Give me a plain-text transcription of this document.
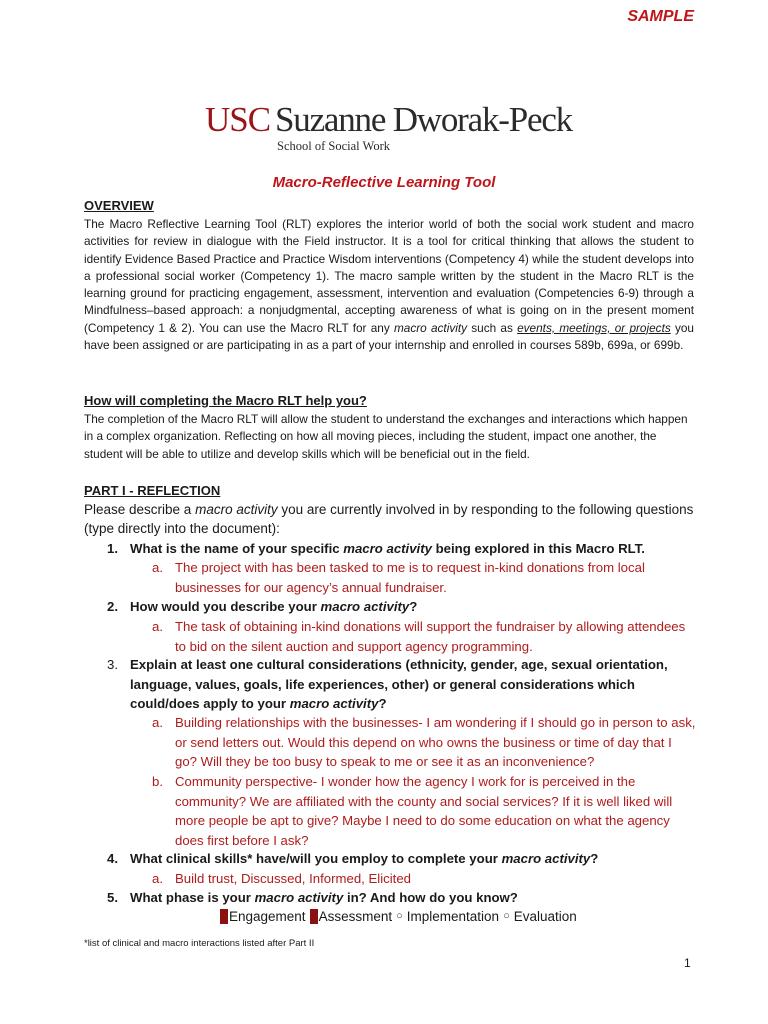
SAMPLE
USC Suzanne Dworak-Peck
School of Social Work
Macro-Reflective Learning Tool
OVERVIEW
The Macro Reflective Learning Tool (RLT) explores the interior world of both the social work student and macro activities for review in dialogue with the Field instructor. It is a tool for critical thinking that allows the student to identify Evidence Based Practice and Practice Wisdom interventions (Competency 4) while the student develops into a professional social worker (Competency 1). The macro sample written by the student in the Macro RLT is the learning ground for practicing engagement, assessment, intervention and evaluation (Competencies 6-9) through a Mindfulness–based approach: a nonjudgmental, accepting awareness of what is going on in the present moment (Competency 1 & 2). You can use the Macro RLT for any macro activity such as events, meetings, or projects you have been assigned or are participating in as a part of your internship and enrolled in courses 589b, 699a, or 699b.
How will completing the Macro RLT help you?
The completion of the Macro RLT will allow the student to understand the exchanges and interactions which happen in a complex organization. Reflecting on how all moving pieces, including the student, impact one another, the student will be able to utilize and develop skills which will be beneficial out in the field.
PART I - REFLECTION
Please describe a macro activity you are currently involved in by responding to the following questions (type directly into the document):
1. What is the name of your specific macro activity being explored in this Macro RLT.
a. The project with has been tasked to me is to request in-kind donations from local businesses for our agency’s annual fundraiser.
2. How would you describe your macro activity?
a. The task of obtaining in-kind donations will support the fundraiser by allowing attendees to bid on the silent auction and support agency programming.
3. Explain at least one cultural considerations (ethnicity, gender, age, sexual orientation, language, values, goals, life experiences, other) or general considerations which could/does apply to your macro activity?
a. Building relationships with the businesses- I am wondering if I should go in person to ask, or send letters out. Would this depend on who owns the business or time of day that I go? Will they be too busy to speak to me or see it as an inconvenience?
b. Community perspective- I wonder how the agency I work for is perceived in the community? We are affiliated with the county and social services? If it is well liked will more people be apt to give? Maybe I need to do some education on what the agency does first before I ask?
4. What clinical skills* have/will you employ to complete your macro activity?
a. Build trust, Discussed, Informed, Elicited
5. What phase is your macro activity in? And how do you know?
Engagement Assessment ○ Implementation ○ Evaluation
*list of clinical and macro interactions listed after Part II
1
